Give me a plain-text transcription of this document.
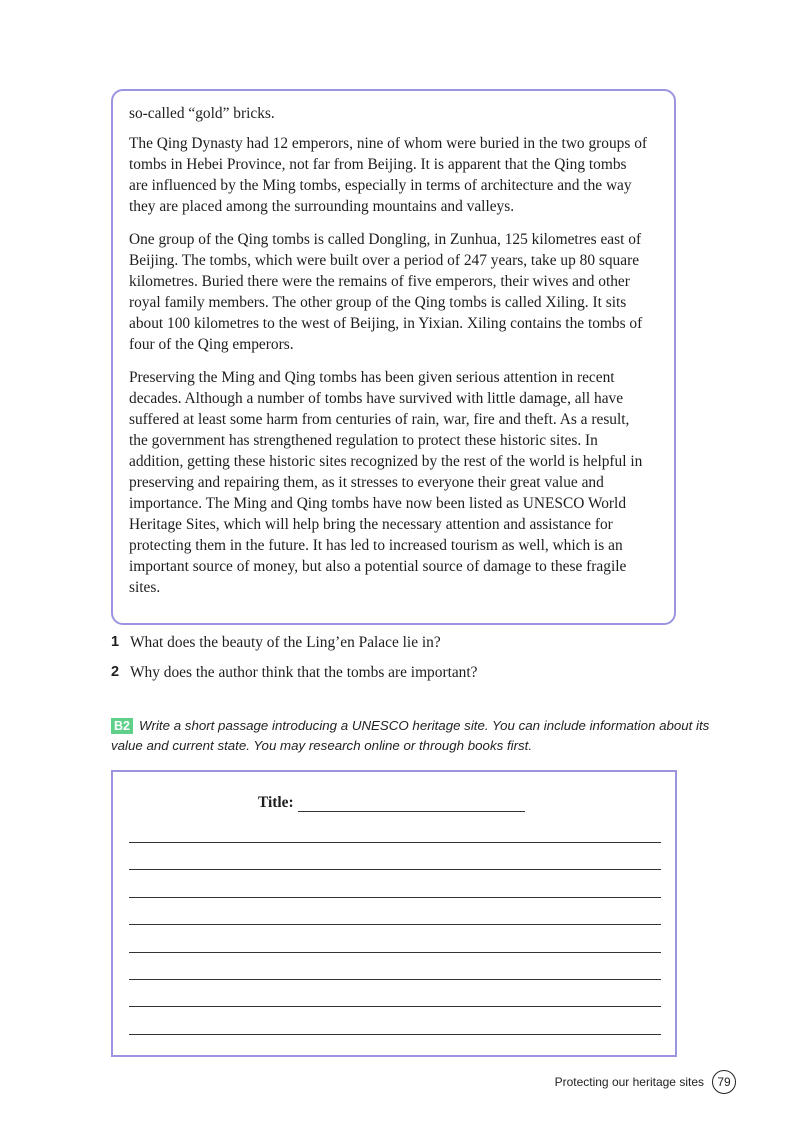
so-called “gold” bricks.

The Qing Dynasty had 12 emperors, nine of whom were buried in the two groups of tombs in Hebei Province, not far from Beijing. It is apparent that the Qing tombs are influenced by the Ming tombs, especially in terms of architecture and the way they are placed among the surrounding mountains and valleys.

One group of the Qing tombs is called Dongling, in Zunhua, 125 kilometres east of Beijing. The tombs, which were built over a period of 247 years, take up 80 square kilometres. Buried there were the remains of five emperors, their wives and other royal family members. The other group of the Qing tombs is called Xiling. It sits about 100 kilometres to the west of Beijing, in Yixian. Xiling contains the tombs of four of the Qing emperors.

Preserving the Ming and Qing tombs has been given serious attention in recent decades. Although a number of tombs have survived with little damage, all have suffered at least some harm from centuries of rain, war, fire and theft. As a result, the government has strengthened regulation to protect these historic sites. In addition, getting these historic sites recognized by the rest of the world is helpful in preserving and repairing them, as it stresses to everyone their great value and importance. The Ming and Qing tombs have now been listed as UNESCO World Heritage Sites, which will help bring the necessary attention and assistance for protecting them in the future. It has led to increased tourism as well, which is an important source of money, but also a potential source of damage to these fragile sites.

1 What does the beauty of the Ling’en Palace lie in?
2 Why does the author think that the tombs are important?
B2 Write a short passage introducing a UNESCO heritage site. You can include information about its value and current state. You may research online or through books first.
Title:
Protecting our heritage sites	79
